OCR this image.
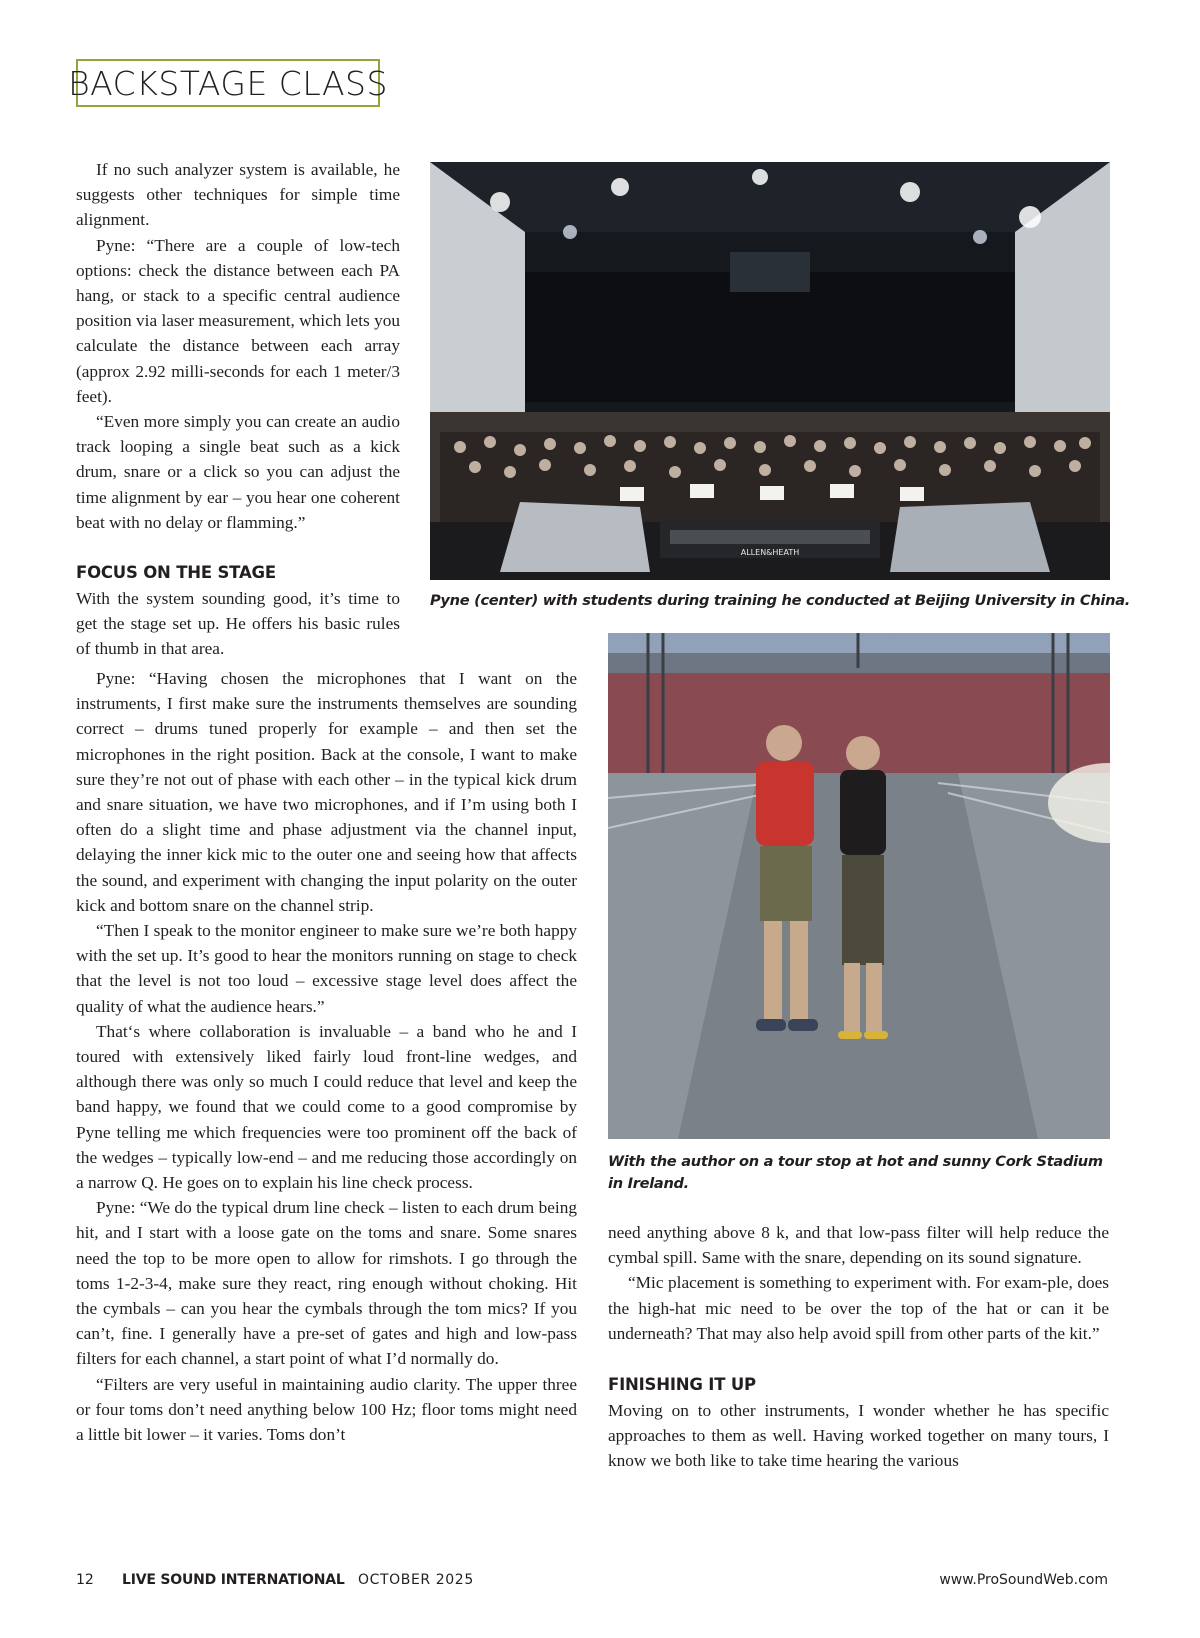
BACKSTAGE CLASS

If no such analyzer system is available, he suggests other techniques for simple time alignment.

Pyne: “There are a couple of low-tech options: check the distance between each PA hang, or stack to a specific central audience position via laser measurement, which lets you calculate the distance between each array (approx 2.92 milli-seconds for each 1 meter/3 feet).

“Even more simply you can create an audio track looping a single beat such as a kick drum, snare or a click so you can adjust the time alignment by ear – you hear one coherent beat with no delay or flamming.”

FOCUS ON THE STAGE

With the system sounding good, it’s time to get the stage set up. He offers his basic rules of thumb in that area.

Pyne: “Having chosen the microphones that I want on the instruments, I first make sure the instruments themselves are sounding correct – drums tuned properly for example – and then set the microphones in the right position. Back at the console, I want to make sure they’re not out of phase with each other – in the typical kick drum and snare situation, we have two microphones, and if I’m using both I often do a slight time and phase adjustment via the channel input, delaying the inner kick mic to the outer one and seeing how that affects the sound, and experiment with changing the input polarity on the outer kick and bottom snare on the channel strip.

“Then I speak to the monitor engineer to make sure we’re both happy with the set up. It’s good to hear the monitors running on stage to check that the level is not too loud – excessive stage level does affect the quality of what the audience hears.”

That‘s where collaboration is invaluable – a band who he and I toured with extensively liked fairly loud front-line wedges, and although there was only so much I could reduce that level and keep the band happy, we found that we could come to a good compromise by Pyne telling me which frequencies were too prominent off the back of the wedges – typically low-end – and me reducing those accordingly on a narrow Q. He goes on to explain his line check process.

Pyne: “We do the typical drum line check – listen to each drum being hit, and I start with a loose gate on the toms and snare. Some snares need the top to be more open to allow for rimshots. I go through the toms 1-2-3-4, make sure they react, ring enough without choking. Hit the cymbals – can you hear the cymbals through the tom mics? If you can’t, fine. I generally have a pre-set of gates and high and low-pass filters for each channel, a start point of what I’d normally do.

“Filters are very useful in maintaining audio clarity. The upper three or four toms don’t need anything below 100 Hz; floor toms might need a little bit lower – it varies. Toms don’t

ALLEN&HEATH
Pyne (center) with students during training he conducted at Beijing University in China.
With the author on a tour stop at hot and sunny Cork Stadium in Ireland.

need anything above 8 k, and that low-pass filter will help reduce the cymbal spill. Same with the snare, depending on its sound signature.

“Mic placement is something to experiment with. For exam-ple, does the high-hat mic need to be over the top of the hat or can it be underneath? That may also help avoid spill from other parts of the kit.”

FINISHING IT UP

Moving on to other instruments, I wonder whether he has specific approaches to them as well. Having worked together on many tours, I know we both like to take time hearing the various

12 LIVE SOUND INTERNATIONAL OCTOBER 2025	www.ProSoundWeb.com
